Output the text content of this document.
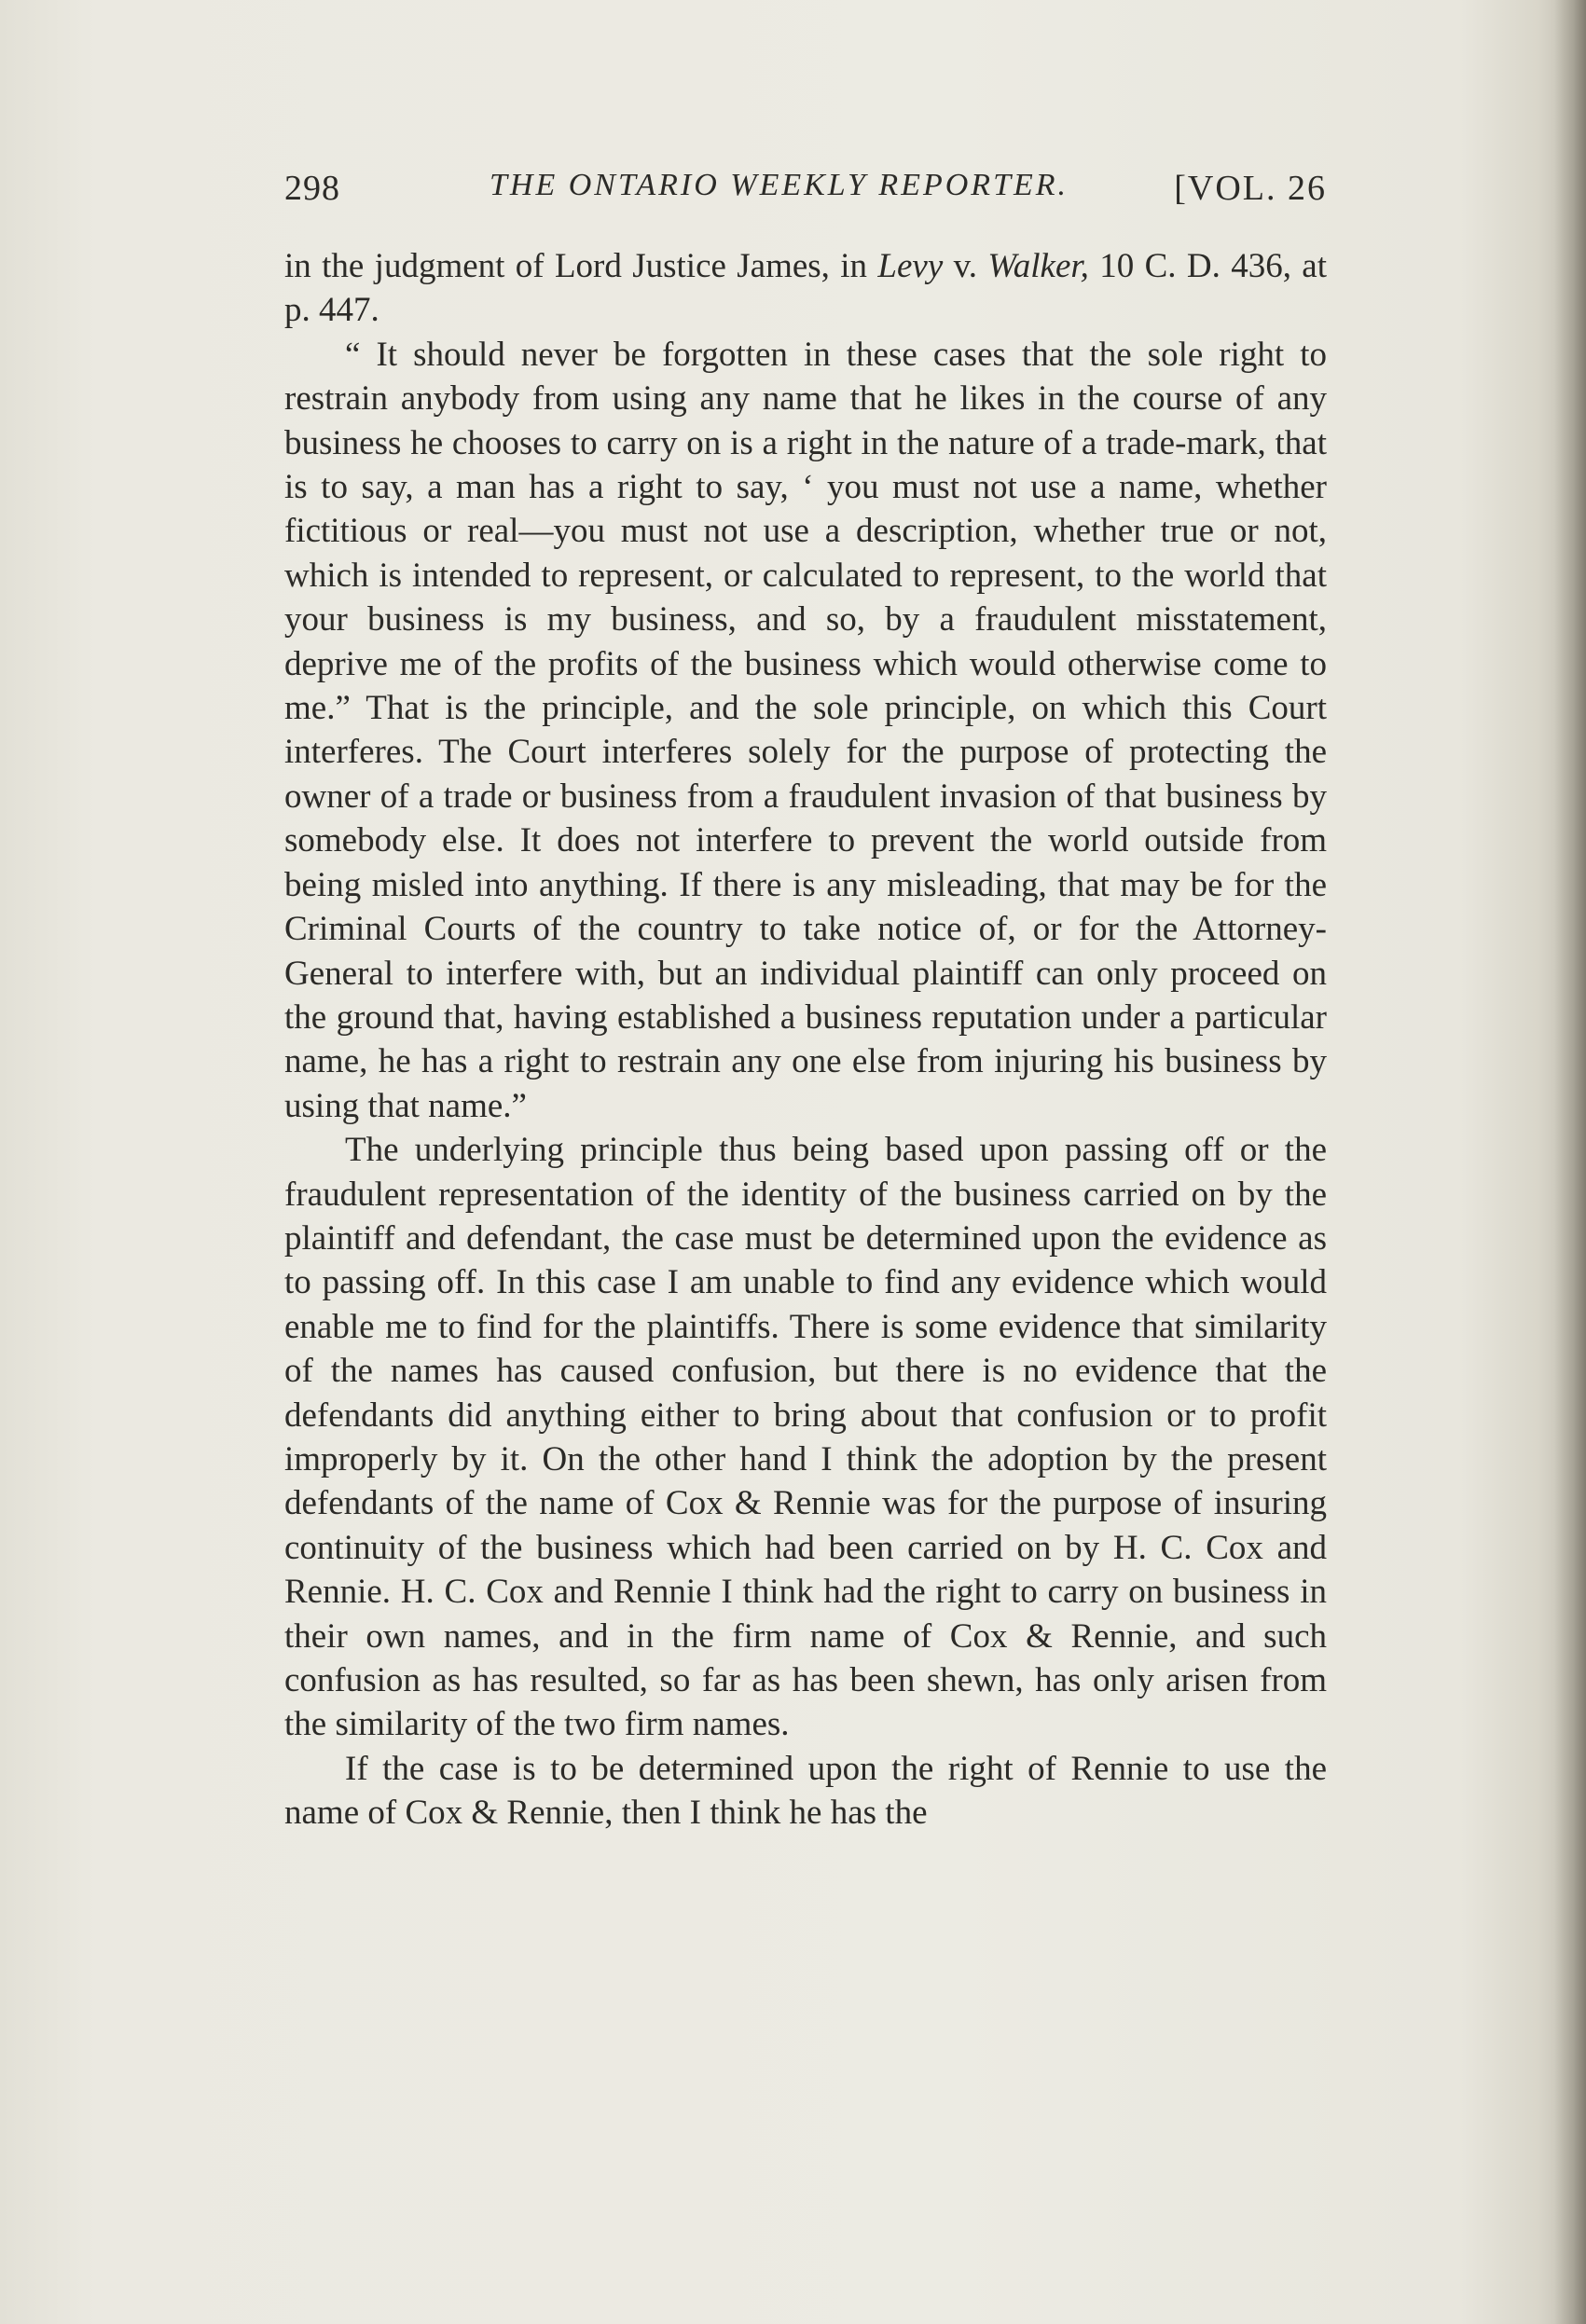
298	THE ONTARIO WEEKLY REPORTER.	[VOL. 26

in the judgment of Lord Justice James, in Levy v. Walker, 10 C. D. 436, at p. 447.

“ It should never be forgotten in these cases that the sole right to restrain anybody from using any name that he likes in the course of any business he chooses to carry on is a right in the nature of a trade-mark, that is to say, a man has a right to say, ‘ you must not use a name, whether fictitious or real—you must not use a description, whether true or not, which is intended to represent, or calculated to represent, to the world that your business is my business, and so, by a fraudulent misstatement, deprive me of the profits of the business which would otherwise come to me.” That is the principle, and the sole principle, on which this Court interferes. The Court interferes solely for the purpose of protecting the owner of a trade or business from a fraudulent invasion of that business by somebody else. It does not interfere to prevent the world outside from being misled into anything. If there is any misleading, that may be for the Criminal Courts of the country to take notice of, or for the Attorney-General to interfere with, but an individual plaintiff can only proceed on the ground that, having established a business reputation under a particular name, he has a right to restrain any one else from injuring his business by using that name.”

The underlying principle thus being based upon passing off or the fraudulent representation of the identity of the business carried on by the plaintiff and defendant, the case must be determined upon the evidence as to passing off. In this case I am unable to find any evidence which would enable me to find for the plaintiffs. There is some evidence that similarity of the names has caused confusion, but there is no evidence that the defendants did anything either to bring about that confusion or to profit improperly by it. On the other hand I think the adoption by the present defendants of the name of Cox & Rennie was for the purpose of insuring continuity of the business which had been carried on by H. C. Cox and Rennie. H. C. Cox and Rennie I think had the right to carry on business in their own names, and in the firm name of Cox & Rennie, and such confusion as has resulted, so far as has been shewn, has only arisen from the similarity of the two firm names.

If the case is to be determined upon the right of Rennie to use the name of Cox & Rennie, then I think he has the
